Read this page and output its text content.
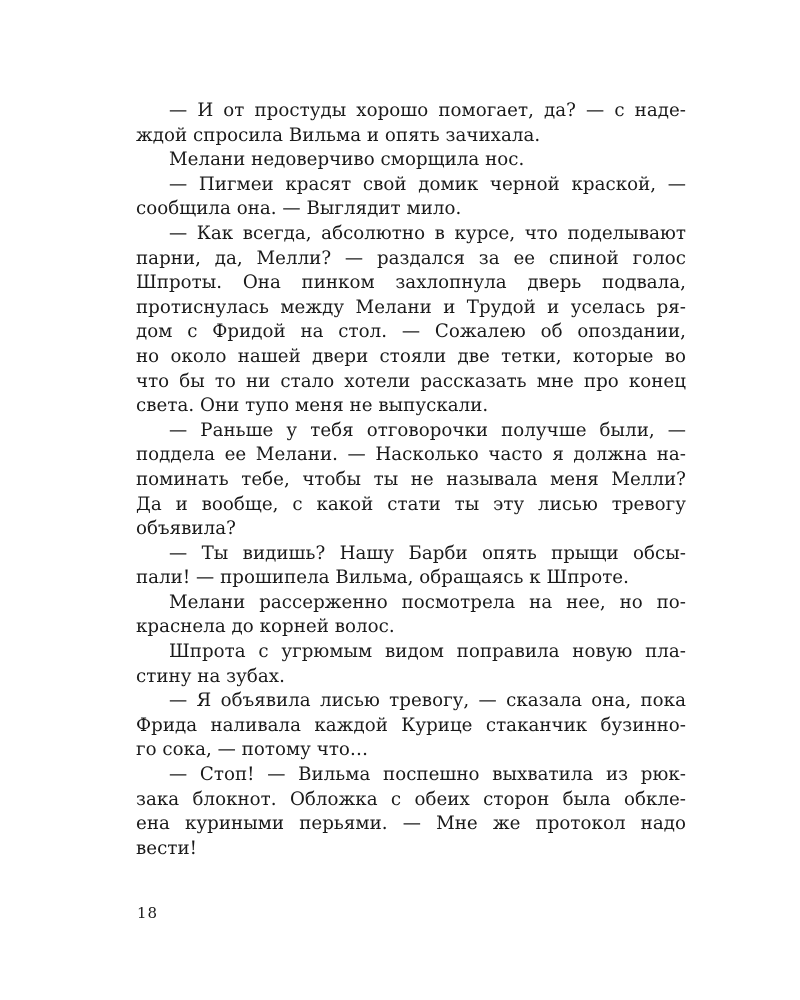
— И от простуды хорошо помогает, да? — с наде-
ждой спросила Вильма и опять зачихала.
Мелани недоверчиво сморщила нос.
— Пигмеи красят свой домик черной краской, —
сообщила она. — Выглядит мило.
— Как всегда, абсолютно в курсе, что поделывают
парни, да, Мелли? — раздался за ее спиной голос
Шпроты. Она пинком захлопнула дверь подвала,
протиснулась между Мелани и Трудой и уселась ря-
дом с Фридой на стол. — Сожалею об опоздании,
но около нашей двери стояли две тетки, которые во
что бы то ни стало хотели рассказать мне про конец
света. Они тупо меня не выпускали.
— Раньше у тебя отговорочки получше были, —
поддела ее Мелани. — Насколько часто я должна на-
поминать тебе, чтобы ты не называла меня Мелли?
Да и вообще, с какой стати ты эту лисью тревогу
объявила?
— Ты видишь? Нашу Барби опять прыщи обсы-
пали! — прошипела Вильма, обращаясь к Шпроте.
Мелани рассерженно посмотрела на нее, но по-
краснела до корней волос.
Шпрота с угрюмым видом поправила новую пла-
стину на зубах.
— Я объявила лисью тревогу, — сказала она, пока
Фрида наливала каждой Курице стаканчик бузинно-
го сока, — потому что…
— Стоп! — Вильма поспешно выхватила из рюк-
зака блокнот. Обложка с обеих сторон была обкле-
ена куриными перьями. — Мне же протокол надо
вести!
18
